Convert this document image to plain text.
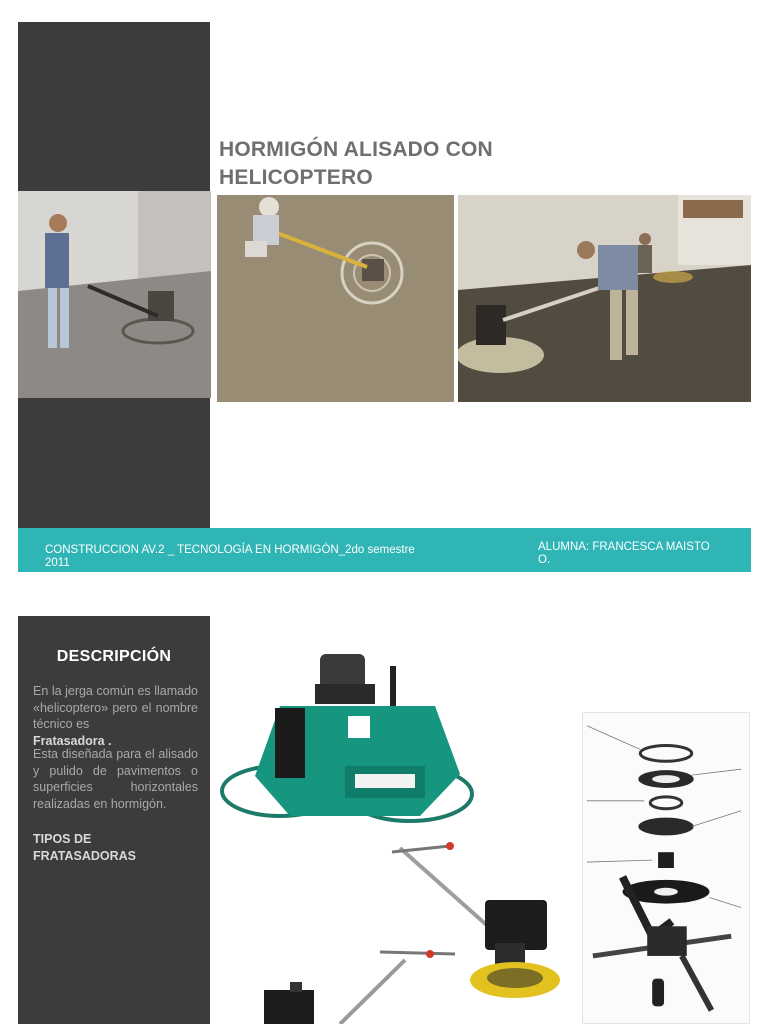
HORMIGÓN ALISADO CON
HELICOPTERO
CONSTRUCCION AV.2 _ TECNOLOGÍA EN HORMIGÓN_2do semestre
2011
ALUMNA: FRANCESCA MAISTO
O.
DESCRIPCIÓN
En la jerga común es llamado «helicoptero» pero el nombre técnico es
Fratasadora .
Esta diseñada para el alisado y pulido de pavimentos o superficies horizontales realizadas en hormigón.
TIPOS DE FRATASADORAS
